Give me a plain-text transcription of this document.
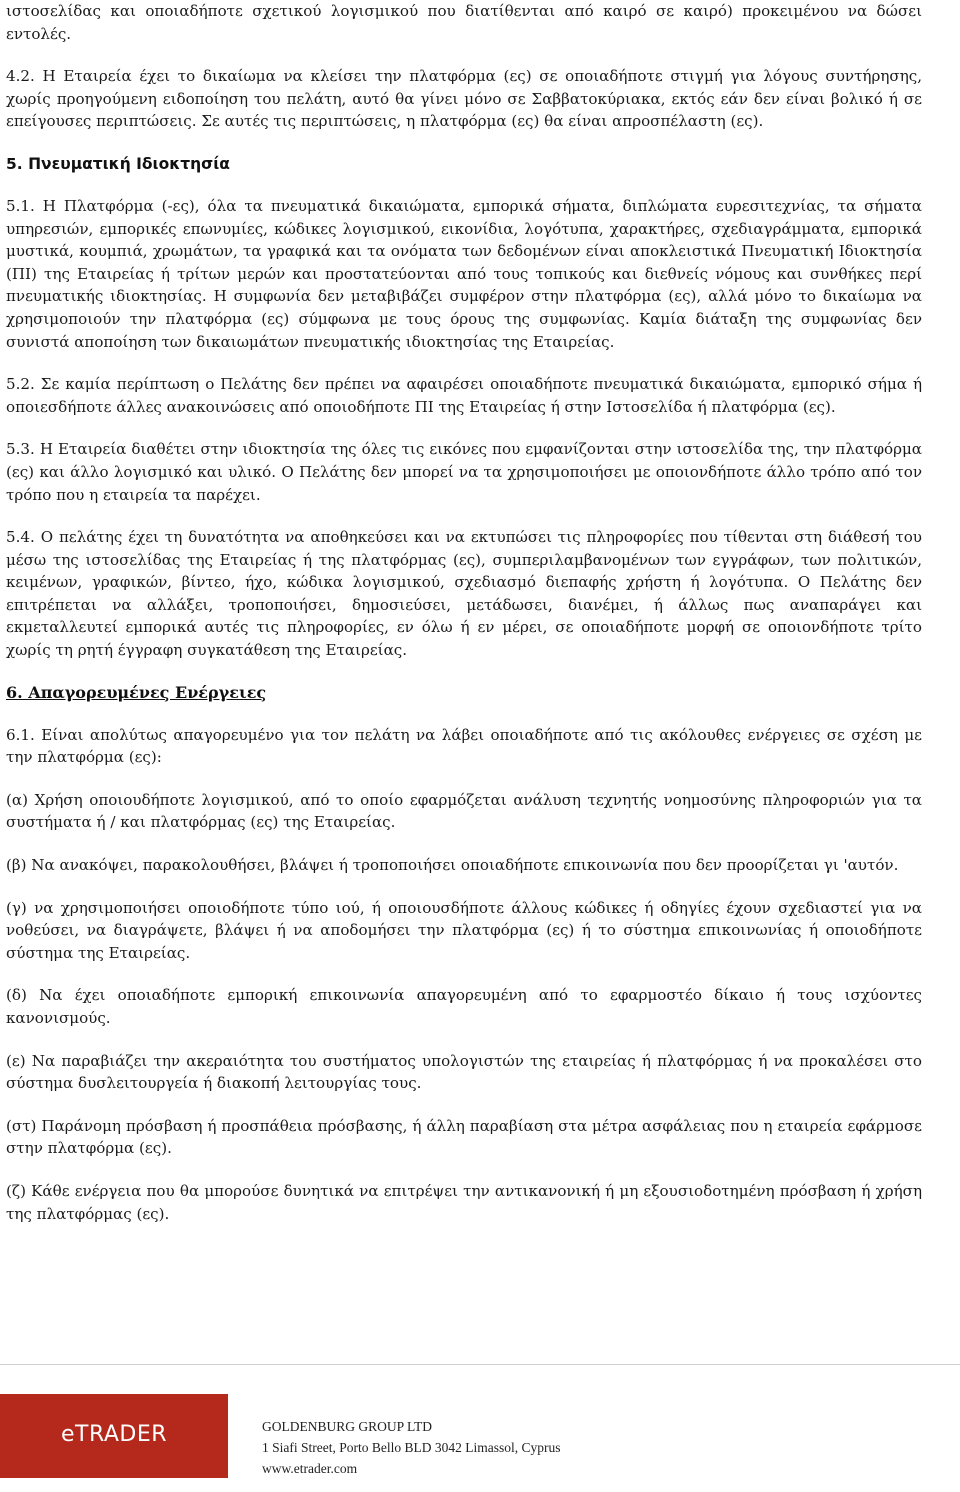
ιστοσελίδας και οποιαδήποτε σχετικού λογισμικού που διατίθενται από καιρό σε καιρό) προκειμένου να δώσει εντολές.

4.2. Η Εταιρεία έχει το δικαίωμα να κλείσει την πλατφόρμα (ες) σε οποιαδήποτε στιγμή για λόγους συντήρησης, χωρίς προηγούμενη ειδοποίηση του πελάτη, αυτό θα γίνει μόνο σε Σαββατοκύριακα, εκτός εάν δεν είναι βολικό ή σε επείγουσες περιπτώσεις. Σε αυτές τις περιπτώσεις, η πλατφόρμα (ες) θα είναι απροσπέλαστη (ες).

5. Πνευματική Ιδιοκτησία

5.1. Η Πλατφόρμα (-ες), όλα τα πνευματικά δικαιώματα, εμπορικά σήματα, διπλώματα ευρεσιτεχνίας, τα σήματα υπηρεσιών, εμπορικές επωνυμίες, κώδικες λογισμικού, εικονίδια, λογότυπα, χαρακτήρες, σχεδιαγράμματα, εμπορικά μυστικά, κουμπιά, χρωμάτων, τα γραφικά και τα ονόματα των δεδομένων είναι αποκλειστικά Πνευματική Ιδιοκτησία (ΠΙ) της Εταιρείας ή τρίτων μερών και προστατεύονται από τους τοπικούς και διεθνείς νόμους και συνθήκες περί πνευματικής ιδιοκτησίας. Η συμφωνία δεν μεταβιβάζει συμφέρον στην πλατφόρμα (ες), αλλά μόνο το δικαίωμα να χρησιμοποιούν την πλατφόρμα (ες) σύμφωνα με τους όρους της συμφωνίας. Καμία διάταξη της συμφωνίας δεν συνιστά αποποίηση των δικαιωμάτων πνευματικής ιδιοκτησίας της Εταιρείας.

5.2. Σε καμία περίπτωση ο Πελάτης δεν πρέπει να αφαιρέσει οποιαδήποτε πνευματικά δικαιώματα, εμπορικό σήμα ή οποιεσδήποτε άλλες ανακοινώσεις από οποιοδήποτε ΠΙ της Εταιρείας ή στην Ιστοσελίδα ή πλατφόρμα (ες).

5.3. Η Εταιρεία διαθέτει στην ιδιοκτησία της όλες τις εικόνες που εμφανίζονται στην ιστοσελίδα της, την πλατφόρμα (ες) και άλλο λογισμικό και υλικό. Ο Πελάτης δεν μπορεί να τα χρησιμοποιήσει με οποιονδήποτε άλλο τρόπο από τον τρόπο που η εταιρεία τα παρέχει.

5.4. Ο πελάτης έχει τη δυνατότητα να αποθηκεύσει και να εκτυπώσει τις πληροφορίες που τίθενται στη διάθεσή του μέσω της ιστοσελίδας της Εταιρείας ή της πλατφόρμας (ες), συμπεριλαμβανομένων των εγγράφων, των πολιτικών, κειμένων, γραφικών, βίντεο, ήχο, κώδικα λογισμικού, σχεδιασμό διεπαφής χρήστη ή λογότυπα. Ο Πελάτης δεν επιτρέπεται να αλλάξει, τροποποιήσει, δημοσιεύσει, μετάδωσει, διανέμει, ή άλλως πως αναπαράγει και εκμεταλλευτεί εμπορικά αυτές τις πληροφορίες, εν όλω ή εν μέρει, σε οποιαδήποτε μορφή σε οποιονδήποτε τρίτο χωρίς τη ρητή έγγραφη συγκατάθεση της Εταιρείας.

6. Απαγορευμένες Ενέργειες

6.1. Είναι απολύτως απαγορευμένο για τον πελάτη να λάβει οποιαδήποτε από τις ακόλουθες ενέργειες σε σχέση με την πλατφόρμα (ες):

(α) Χρήση οποιουδήποτε λογισμικού, από το οποίο εφαρμόζεται ανάλυση τεχνητής νοημοσύνης πληροφοριών για τα συστήματα ή / και πλατφόρμας (ες) της Εταιρείας.

(β) Να ανακόψει, παρακολουθήσει, βλάψει ή τροποποιήσει οποιαδήποτε επικοινωνία που δεν προορίζεται γι 'αυτόν.

(γ) να χρησιμοποιήσει οποιοδήποτε τύπο ιού, ή οποιουσδήποτε άλλους κώδικες ή οδηγίες έχουν σχεδιαστεί για να νοθεύσει, να διαγράψετε, βλάψει ή να αποδομήσει την πλατφόρμα (ες) ή το σύστημα επικοινωνίας ή οποιοδήποτε σύστημα της Εταιρείας.

(δ) Να έχει οποιαδήποτε εμπορική επικοινωνία απαγορευμένη από το εφαρμοστέο δίκαιο ή τους ισχύοντες κανονισμούς.

(ε) Να παραβιάζει την ακεραιότητα του συστήματος υπολογιστών της εταιρείας ή πλατφόρμας ή να προκαλέσει στο σύστημα δυσλειτουργεία ή διακοπή λειτουργίας τους.

(στ) Παράνομη πρόσβαση ή προσπάθεια πρόσβασης, ή άλλη παραβίαση στα μέτρα ασφάλειας που η εταιρεία εφάρμοσε στην πλατφόρμα (ες).

(ζ) Κάθε ενέργεια που θα μπορούσε δυνητικά να επιτρέψει την αντικανονική ή μη εξουσιοδοτημένη πρόσβαση ή χρήση της πλατφόρμας (ες).

eTRADER	GOLDENBURG GROUP LTD
1 Siafi Street, Porto Bello BLD 3042 Limassol, Cyprus
www.etrader.com
